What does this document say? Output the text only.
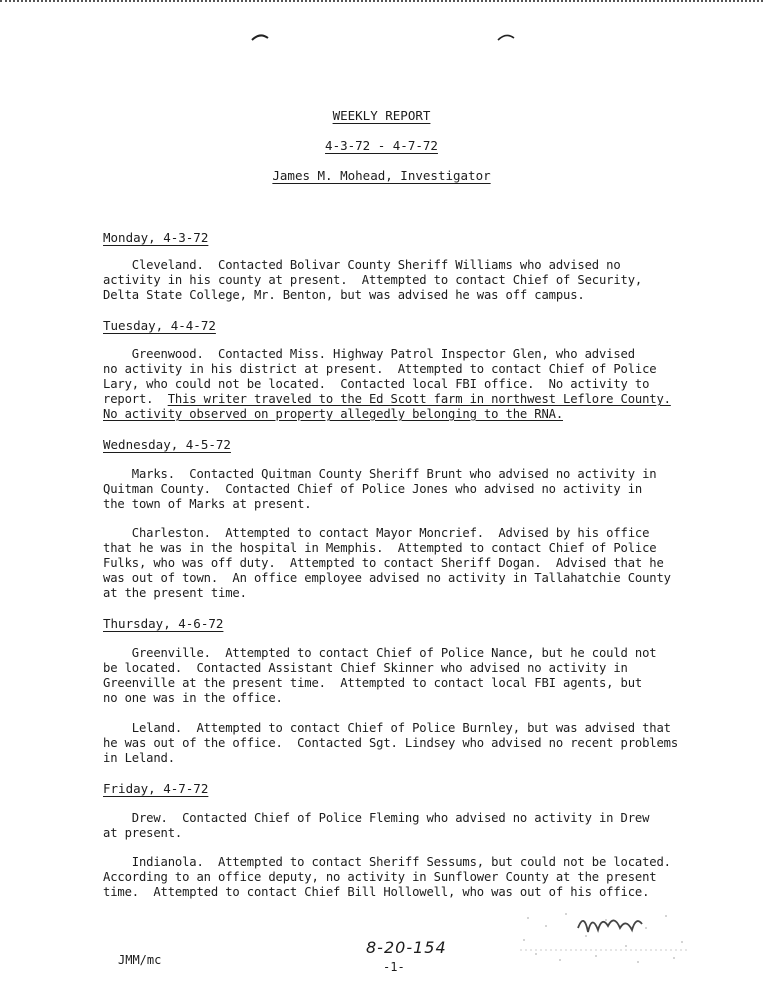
WEEKLY REPORT
4-3-72 - 4-7-72
James M. Mohead, Investigator
Monday, 4-3-72
Cleveland.  Contacted Bolivar County Sheriff Williams who advised no
activity in his county at present.  Attempted to contact Chief of Security,
Delta State College, Mr. Benton, but was advised he was off campus.
Tuesday, 4-4-72
Greenwood.  Contacted Miss. Highway Patrol Inspector Glen, who advised
no activity in his district at present.  Attempted to contact Chief of Police
Lary, who could not be located.  Contacted local FBI office.  No activity to
report.  This writer traveled to the Ed Scott farm in northwest Leflore County.
No activity observed on property allegedly belonging to the RNA.
Wednesday, 4-5-72
Marks.  Contacted Quitman County Sheriff Brunt who advised no activity in
Quitman County.  Contacted Chief of Police Jones who advised no activity in
the town of Marks at present.
Charleston.  Attempted to contact Mayor Moncrief.  Advised by his office
that he was in the hospital in Memphis.  Attempted to contact Chief of Police
Fulks, who was off duty.  Attempted to contact Sheriff Dogan.  Advised that he
was out of town.  An office employee advised no activity in Tallahatchie County
at the present time.
Thursday, 4-6-72
Greenville.  Attempted to contact Chief of Police Nance, but he could not
be located.  Contacted Assistant Chief Skinner who advised no activity in
Greenville at the present time.  Attempted to contact local FBI agents, but
no one was in the office.
Leland.  Attempted to contact Chief of Police Burnley, but was advised that
he was out of the office.  Contacted Sgt. Lindsey who advised no recent problems
in Leland.
Friday, 4-7-72
Drew.  Contacted Chief of Police Fleming who advised no activity in Drew
at present.
Indianola.  Attempted to contact Sheriff Sessums, but could not be located.
According to an office deputy, no activity in Sunflower County at the present
time.  Attempted to contact Chief Bill Hollowell, who was out of his office.
JMM/mc
8-20-154
-1-
